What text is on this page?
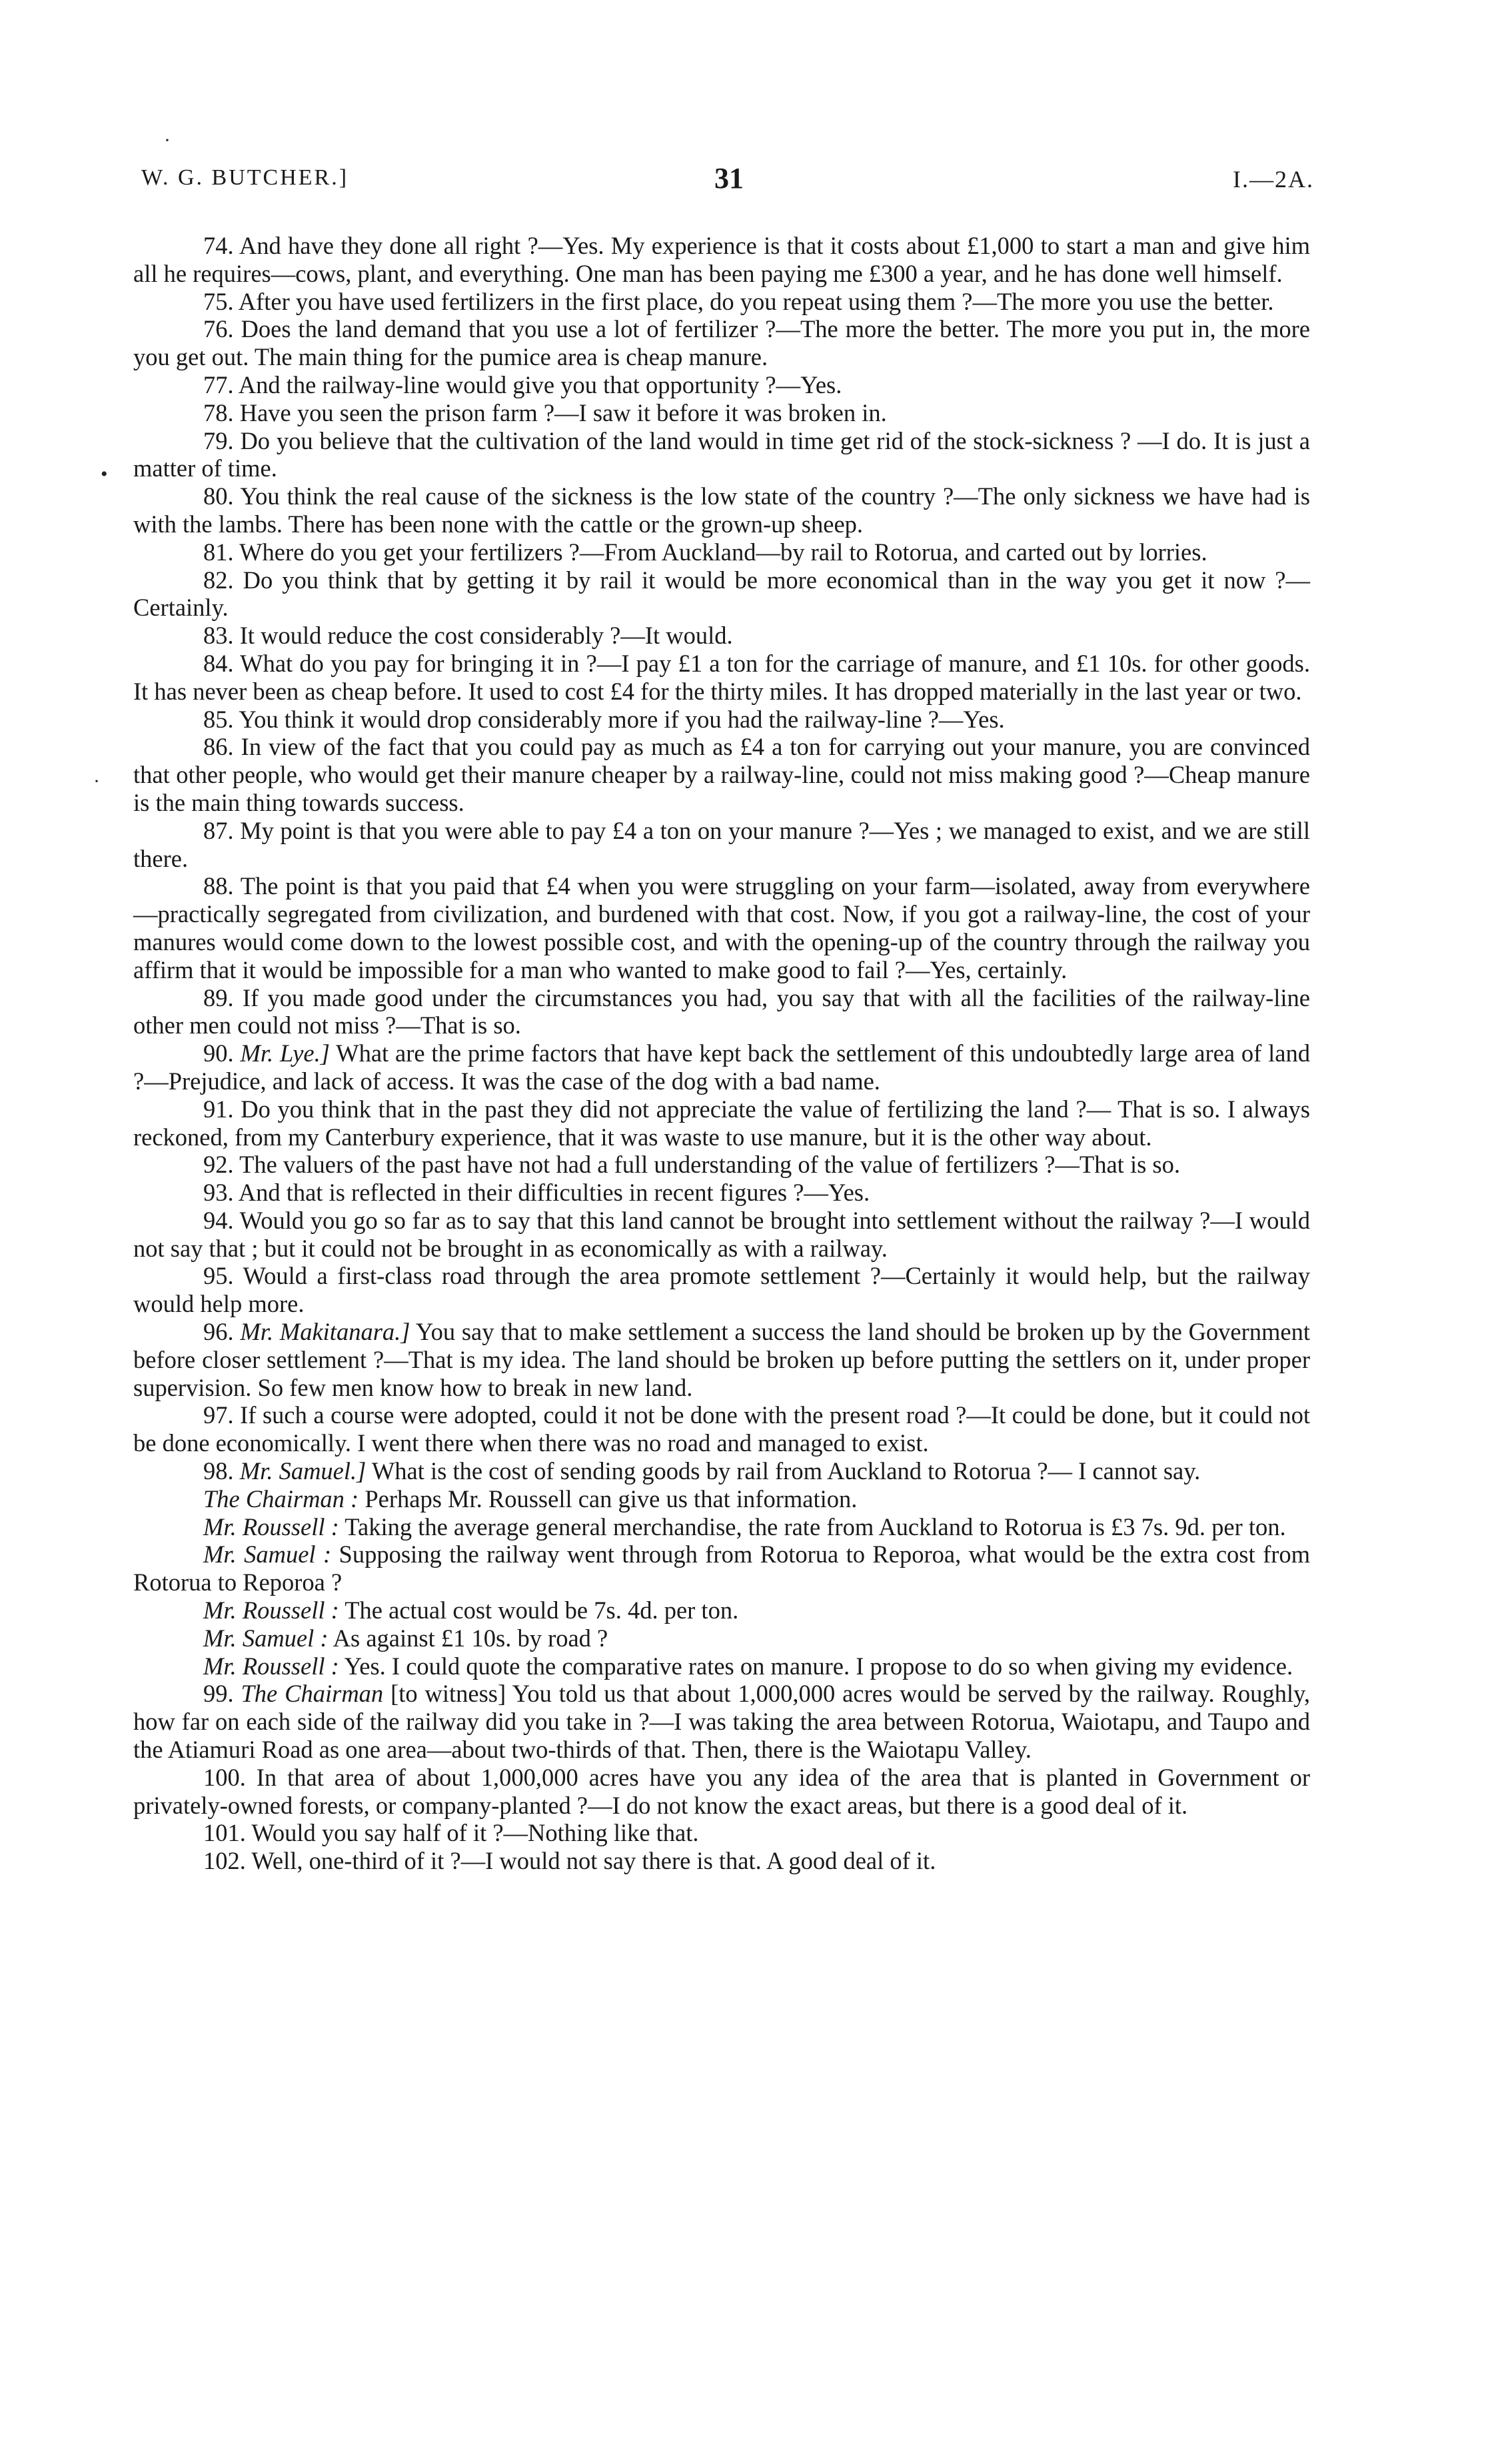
W. G. BUTCHER.]	31	I.—2A.
·
•
·

74. And have they done all right ?—Yes. My experience is that it costs about £1,000 to start a man and give him all he requires—cows, plant, and everything. One man has been paying me £300 a year, and he has done well himself.

75. After you have used fertilizers in the first place, do you repeat using them ?—The more you use the better.

76. Does the land demand that you use a lot of fertilizer ?—The more the better. The more you put in, the more you get out. The main thing for the pumice area is cheap manure.

77. And the railway-line would give you that opportunity ?—Yes.

78. Have you seen the prison farm ?—I saw it before it was broken in.

79. Do you believe that the cultivation of the land would in time get rid of the stock-sickness ? —I do. It is just a matter of time.

80. You think the real cause of the sickness is the low state of the country ?—The only sickness we have had is with the lambs. There has been none with the cattle or the grown-up sheep.

81. Where do you get your fertilizers ?—From Auckland—by rail to Rotorua, and carted out by lorries.

82. Do you think that by getting it by rail it would be more economical than in the way you get it now ?—Certainly.

83. It would reduce the cost considerably ?—It would.

84. What do you pay for bringing it in ?—I pay £1 a ton for the carriage of manure, and £1 10s. for other goods. It has never been as cheap before. It used to cost £4 for the thirty miles. It has dropped materially in the last year or two.

85. You think it would drop considerably more if you had the railway-line ?—Yes.

86. In view of the fact that you could pay as much as £4 a ton for carrying out your manure, you are convinced that other people, who would get their manure cheaper by a railway-line, could not miss making good ?—Cheap manure is the main thing towards success.

87. My point is that you were able to pay £4 a ton on your manure ?—Yes ; we managed to exist, and we are still there.

88. The point is that you paid that £4 when you were struggling on your farm—isolated, away from everywhere—practically segregated from civilization, and burdened with that cost. Now, if you got a railway-line, the cost of your manures would come down to the lowest possible cost, and with the opening-up of the country through the railway you affirm that it would be impossible for a man who wanted to make good to fail ?—Yes, certainly.

89. If you made good under the circumstances you had, you say that with all the facilities of the railway-line other men could not miss ?—That is so.

90. Mr. Lye.] What are the prime factors that have kept back the settlement of this undoubtedly large area of land ?—Prejudice, and lack of access. It was the case of the dog with a bad name.

91. Do you think that in the past they did not appreciate the value of fertilizing the land ?— That is so. I always reckoned, from my Canterbury experience, that it was waste to use manure, but it is the other way about.

92. The valuers of the past have not had a full understanding of the value of fertilizers ?—That is so.

93. And that is reflected in their difficulties in recent figures ?—Yes.

94. Would you go so far as to say that this land cannot be brought into settlement without the railway ?—I would not say that ; but it could not be brought in as economically as with a railway.

95. Would a first-class road through the area promote settlement ?—Certainly it would help, but the railway would help more.

96. Mr. Makitanara.] You say that to make settlement a success the land should be broken up by the Government before closer settlement ?—That is my idea. The land should be broken up before putting the settlers on it, under proper supervision. So few men know how to break in new land.

97. If such a course were adopted, could it not be done with the present road ?—It could be done, but it could not be done economically. I went there when there was no road and managed to exist.

98. Mr. Samuel.] What is the cost of sending goods by rail from Auckland to Rotorua ?— I cannot say.

The Chairman : Perhaps Mr. Roussell can give us that information.

Mr. Roussell : Taking the average general merchandise, the rate from Auckland to Rotorua is £3 7s. 9d. per ton.

Mr. Samuel : Supposing the railway went through from Rotorua to Reporoa, what would be the extra cost from Rotorua to Reporoa ?

Mr. Roussell : The actual cost would be 7s. 4d. per ton.

Mr. Samuel : As against £1 10s. by road ?

Mr. Roussell : Yes. I could quote the comparative rates on manure. I propose to do so when giving my evidence.

99. The Chairman [to witness] You told us that about 1,000,000 acres would be served by the railway. Roughly, how far on each side of the railway did you take in ?—I was taking the area between Rotorua, Waiotapu, and Taupo and the Atiamuri Road as one area—about two-thirds of that. Then, there is the Waiotapu Valley.

100. In that area of about 1,000,000 acres have you any idea of the area that is planted in Government or privately-owned forests, or company-planted ?—I do not know the exact areas, but there is a good deal of it.

101. Would you say half of it ?—Nothing like that.

102. Well, one-third of it ?—I would not say there is that. A good deal of it.
